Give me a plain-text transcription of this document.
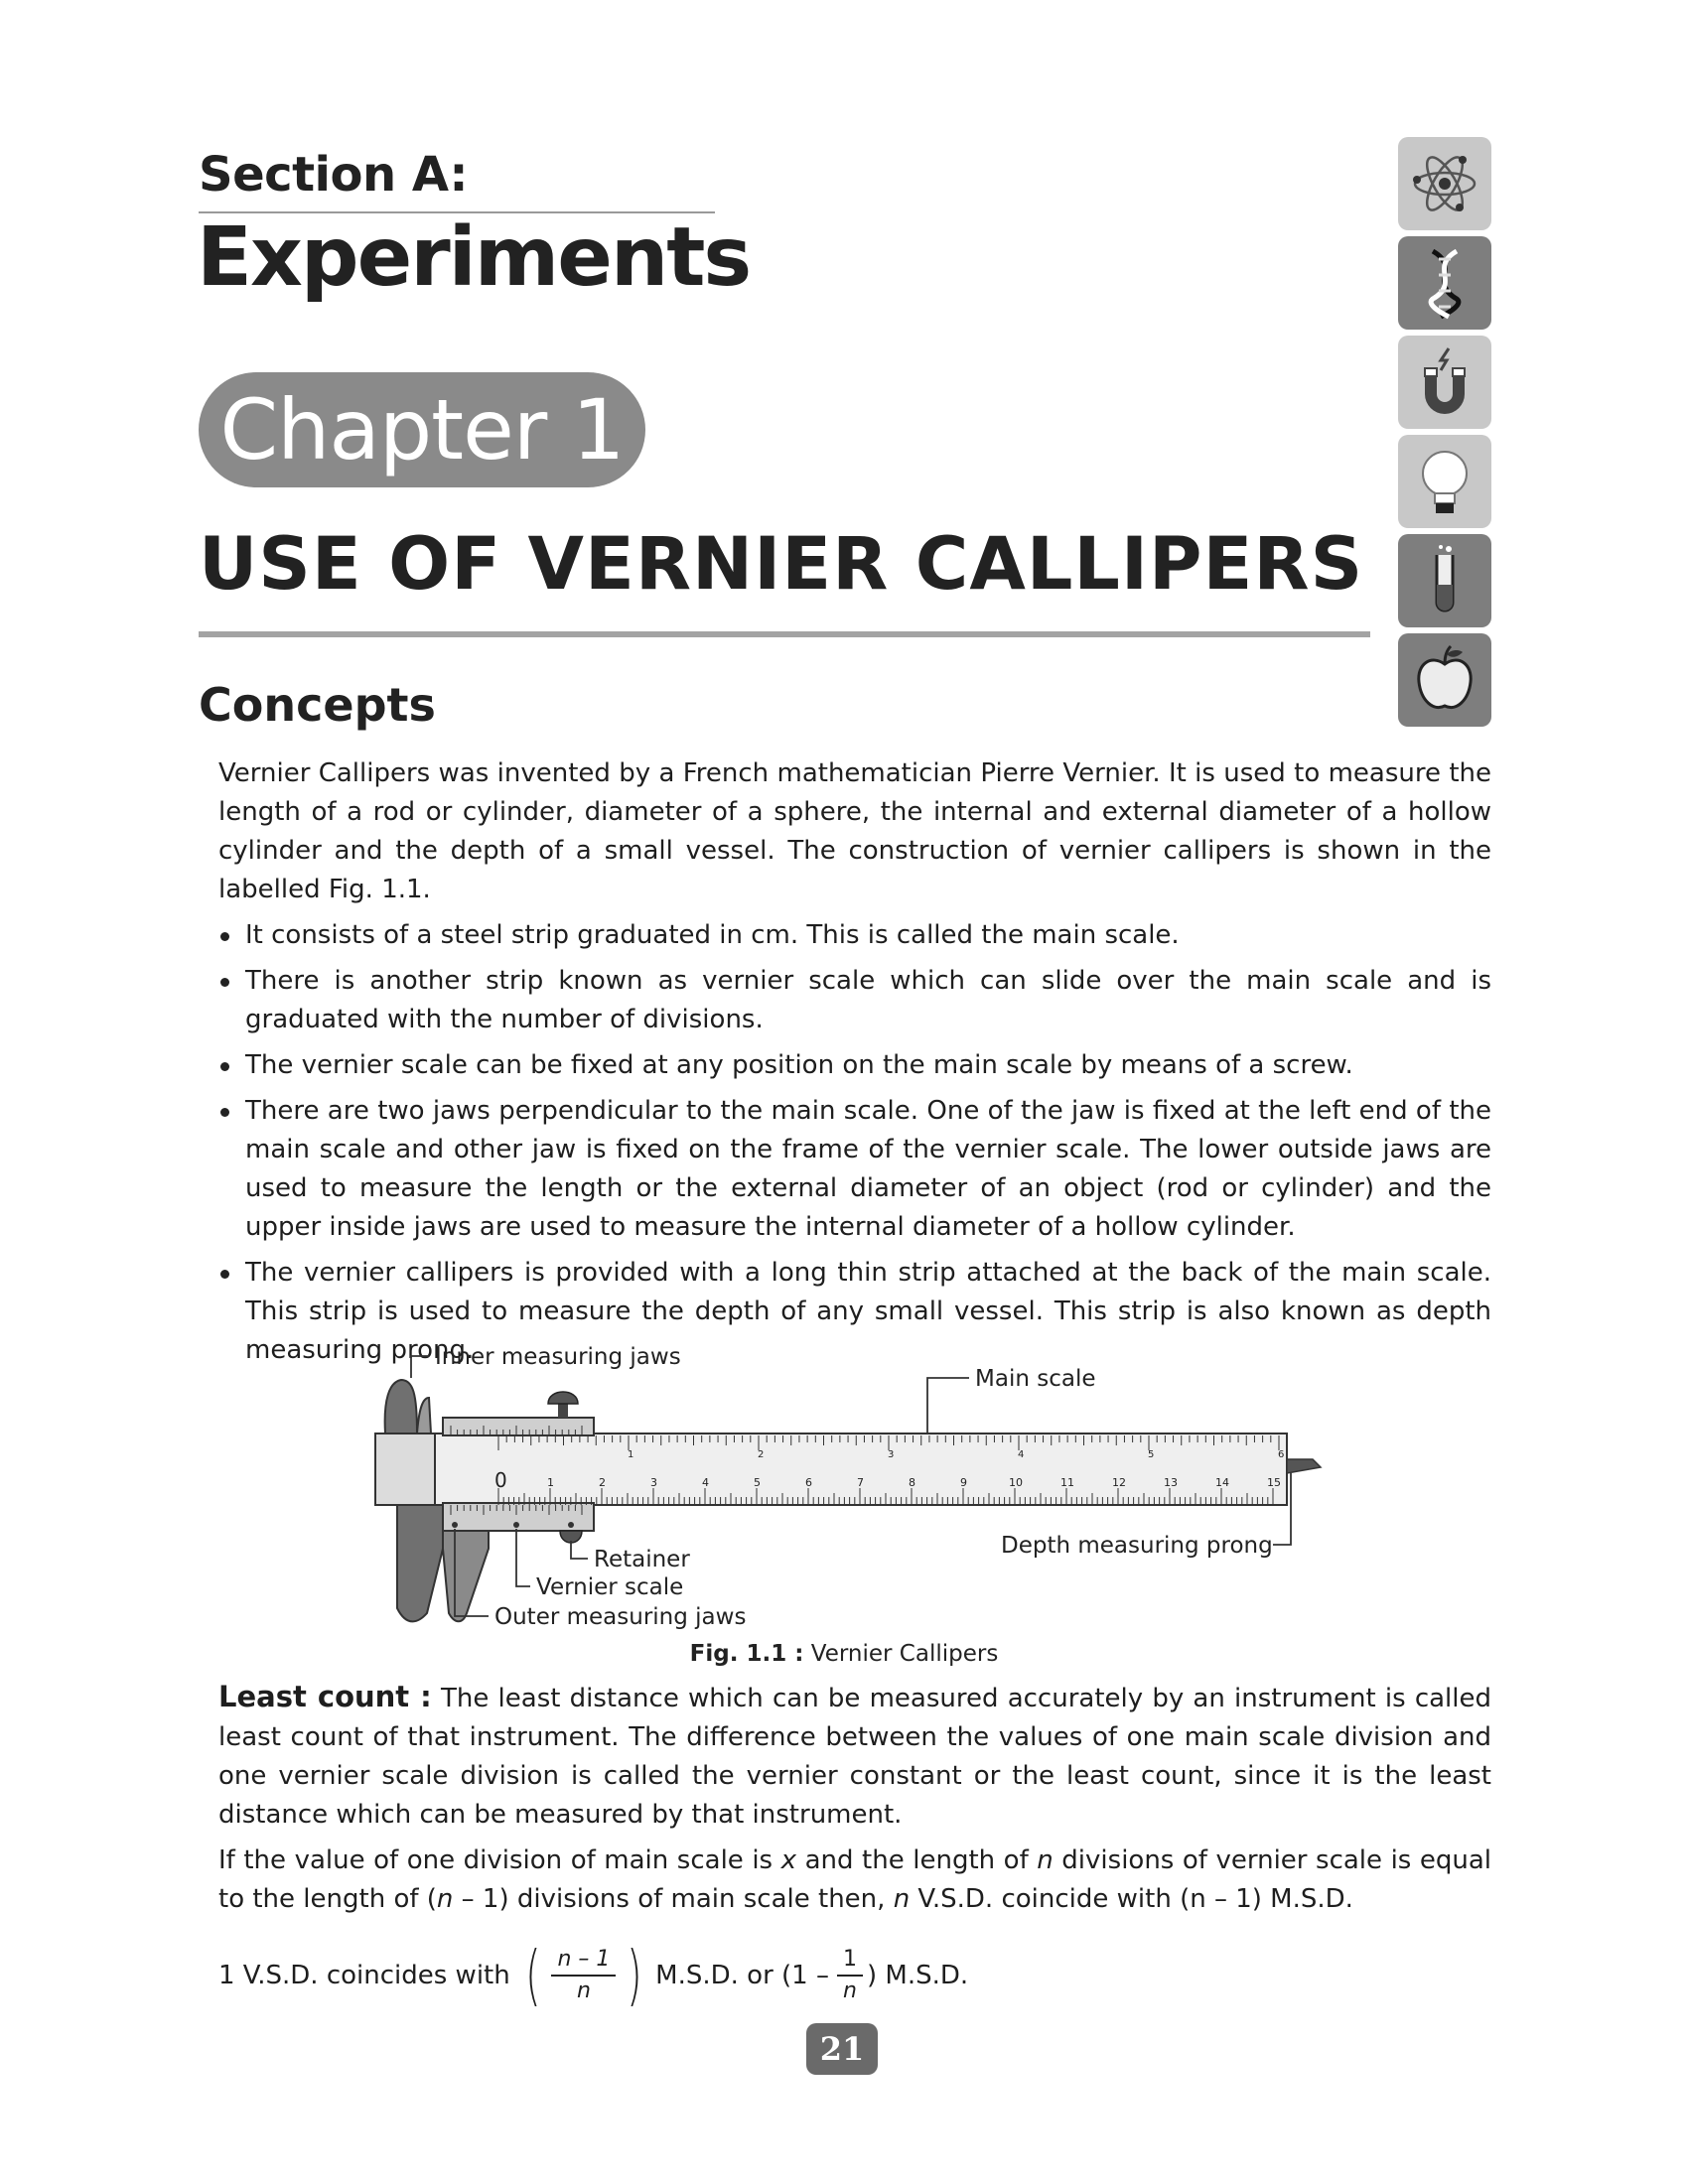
Section A:
Experiments
Chapter 1
USE OF VERNIER CALLIPERS
Concepts

Vernier Callipers was invented by a French mathematician Pierre Vernier. It is used to measure the length of a rod or cylinder, diameter of a sphere, the internal and external diameter of a hollow cylinder and the depth of a small vessel. The construction of vernier callipers is shown in the labelled Fig. 1.1.

It consists of a steel strip graduated in cm. This is called the main scale.
There is another strip known as vernier scale which can slide over the main scale and is graduated with the number of divisions.
The vernier scale can be fixed at any position on the main scale by means of a screw.
There are two jaws perpendicular to the main scale. One of the jaw is fixed at the left end of the main scale and other jaw is fixed on the frame of the vernier scale. The lower outside jaws are used to measure the length or the external diameter of an object (rod or cylinder) and the upper inside jaws are used to measure the internal diameter of a hollow cylinder.
The vernier callipers is provided with a long thin strip attached at the back of the main scale. This strip is used to measure the depth of any small vessel. This strip is also known as depth measuring prong.
0	1	2	3	4	5	6	7	8	9	10	11	12	13	14	15
1	2	3	4	5	6
Inner measuring jaws
Main scale
Depth measuring prong
Retainer
Vernier scale
Outer measuring jaws
Fig. 1.1 : Vernier Callipers

Least count : The least distance which can be measured accurately by an instrument is called least count of that instrument. The difference between the values of one main scale division and one vernier scale division is called the vernier constant or the least count, since it is the least distance which can be measured by that instrument.

If the value of one division of main scale is x and the length of n divisions of vernier scale is equal to the length of (n – 1) divisions of main scale then, n V.S.D. coincide with (n – 1) M.S.D.

1 V.S.D. coincides with ( $\frac{n - 1}{n}$ ) M.S.D. or ($1 - \frac{1}{n}$ ) M.S.D.
21
